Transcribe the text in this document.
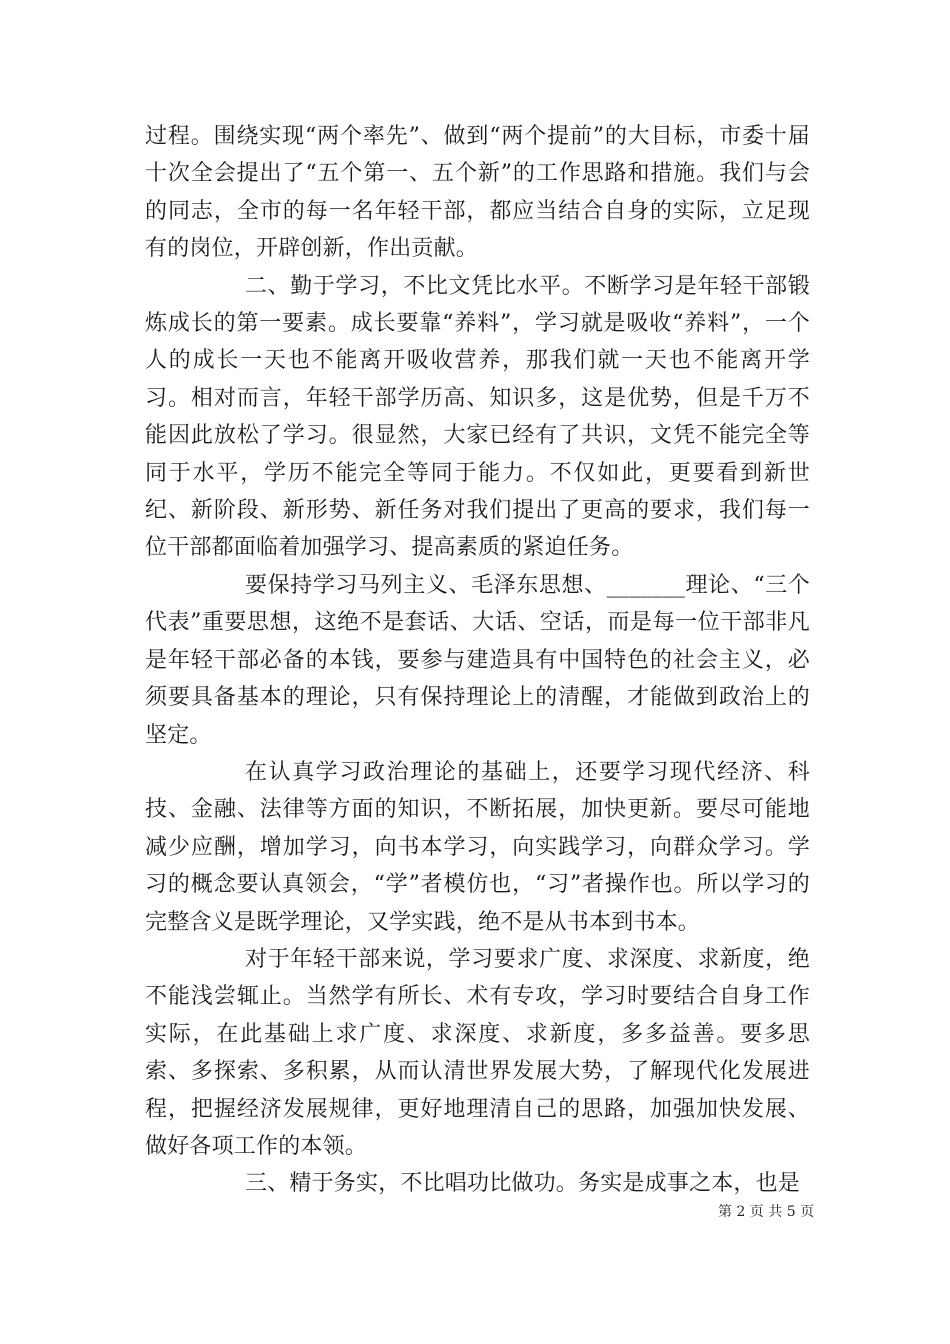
过程。围绕实现“两个率先”、做到“两个提前”的大目标，市委十届十次全会提出了“五个第一、五个新”的工作思路和措施。我们与会的同志，全市的每一名年轻干部，都应当结合自身的实际，立足现有的岗位，开辟创新，作出贡献。

二、勤于学习，不比文凭比水平。不断学习是年轻干部锻炼成长的第一要素。成长要靠“养料”，学习就是吸收“养料”，一个人的成长一天也不能离开吸收营养，那我们就一天也不能离开学习。相对而言，年轻干部学历高、知识多，这是优势，但是千万不能因此放松了学习。很显然，大家已经有了共识，文凭不能完全等同于水平，学历不能完全等同于能力。不仅如此，更要看到新世纪、新阶段、新形势、新任务对我们提出了更高的要求，我们每一位干部都面临着加强学习、提高素质的紧迫任务。

要保持学习马列主义、毛泽东思想、_______理论、“三个代表”重要思想，这绝不是套话、大话、空话，而是每一位干部非凡是年轻干部必备的本钱，要参与建造具有中国特色的社会主义，必须要具备基本的理论，只有保持理论上的清醒，才能做到政治上的坚定。

在认真学习政治理论的基础上，还要学习现代经济、科技、金融、法律等方面的知识，不断拓展，加快更新。要尽可能地减少应酬，增加学习，向书本学习，向实践学习，向群众学习。学习的概念要认真领会，“学”者模仿也，“习”者操作也。所以学习的完整含义是既学理论，又学实践，绝不是从书本到书本。

对于年轻干部来说，学习要求广度、求深度、求新度，绝不能浅尝辄止。当然学有所长、术有专攻，学习时要结合自身工作实际，在此基础上求广度、求深度、求新度，多多益善。要多思索、多探索、多积累，从而认清世界发展大势，了解现代化发展进程，把握经济发展规律，更好地理清自己的思路，加强加快发展、做好各项工作的本领。

三、精于务实，不比唱功比做功。务实是成事之本，也是

第 2 页 共 5 页
